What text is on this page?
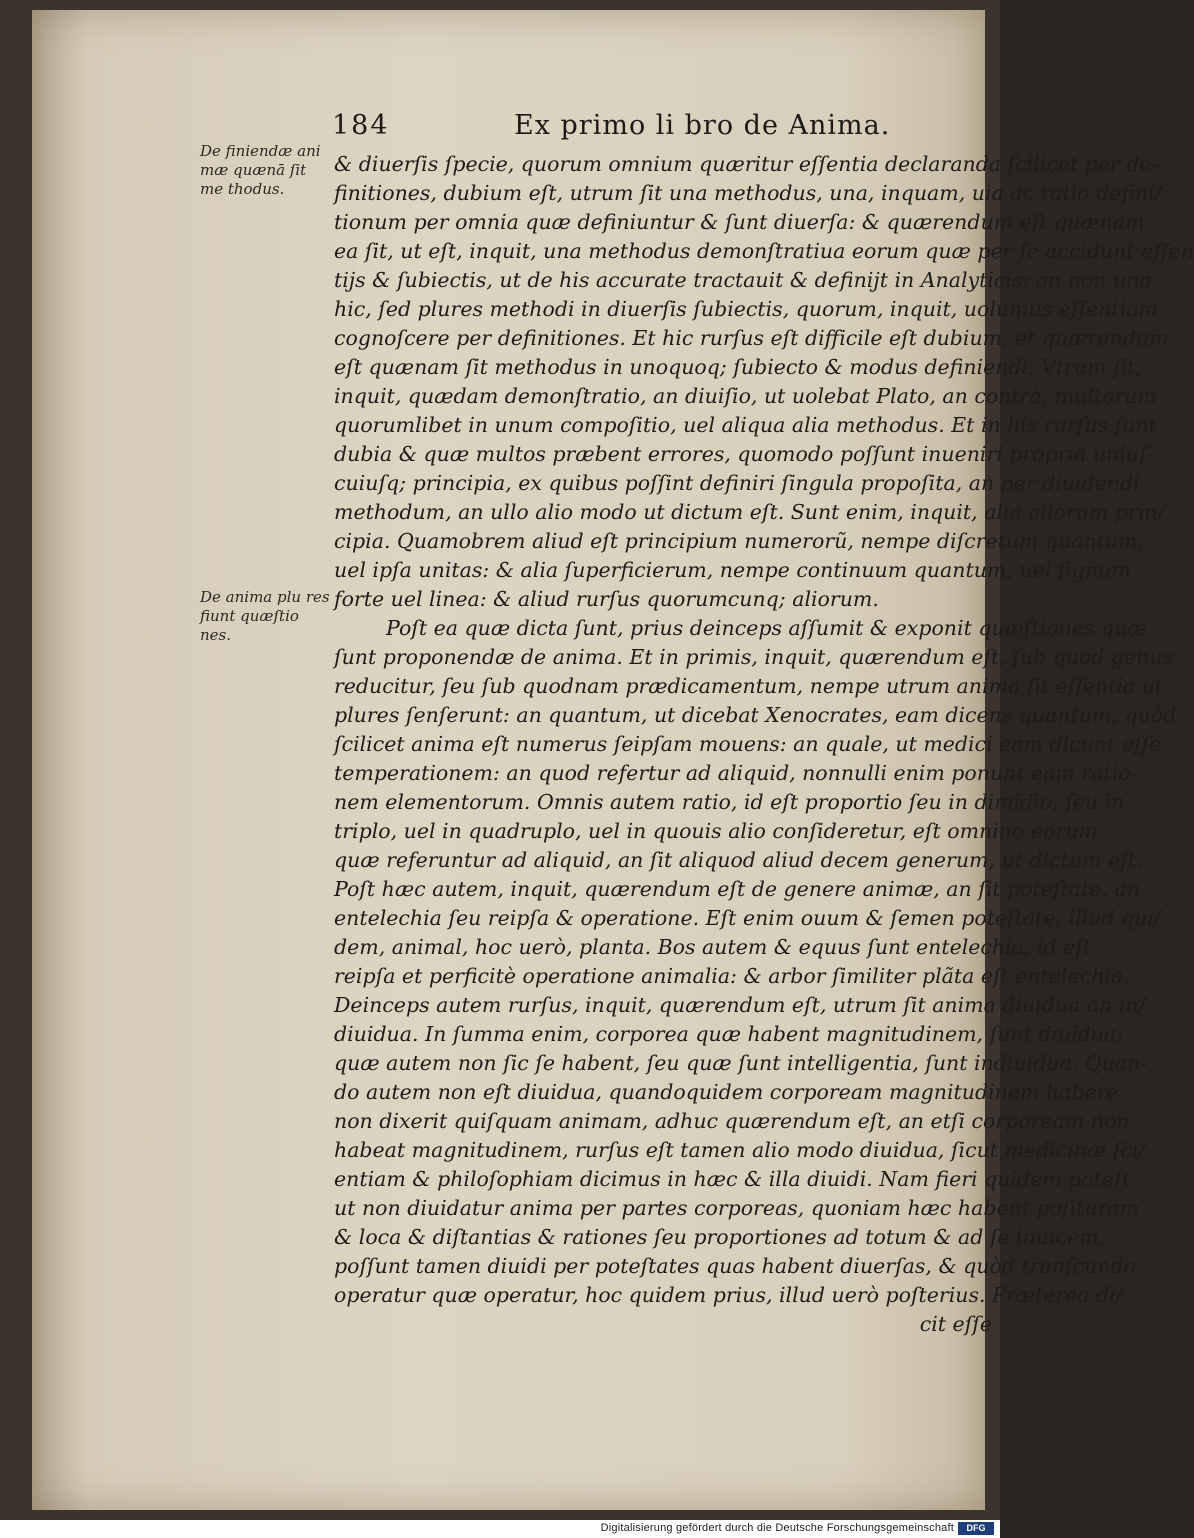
184	Ex primo li bro de Anima.
De finiendæ ani mæ quænā ſit me thodus.
De anima plu res fiunt quæſtio nes.
& diuerſis ſpecie, quorum omnium quæritur eſſentia declaranda ſcilicet per de-
finitiones, dubium eſt, utrum ſit una methodus, una, inquam, uia ac ratio defini/
tionum per omnia quæ definiuntur & ſunt diuerſa: & quærendum eſt quænam
ea ſit, ut eſt, inquit, una methodus demonſtratiua eorum quæ per ſe accidunt eſſen
tijs & ſubiectis, ut de his accurate tractauit & definijt in Analyticis: an non una
hic, ſed plures methodi in diuerſis ſubiectis, quorum, inquit, uolumus eſſentiam
cognoſcere per definitiones. Et hic rurſus eſt difficile eſt dubium, et quærendum
eſt quænam ſit methodus in unoquoq; ſubiecto & modus definiendi. Vtrum ſit,
inquit, quædam demonſtratio, an diuiſio, ut uolebat Plato, an contrà, multorum
quorumlibet in unum compoſitio, uel aliqua alia methodus. Et in his rurſus ſunt
dubia & quæ multos præbent errores, quomodo poſſunt inueniri propria uniuſ-
cuiuſq; principia, ex quibus poſſint definiri ſingula propoſita, an per diuidendi
methodum, an ullo alio modo ut dictum eſt. Sunt enim, inquit, alia aliorum prin/
cipia. Quamobrem aliud eſt principium numerorũ, nempe diſcretum quantum,
uel ipſa unitas: & alia ſuperficierum, nempe continuum quantum, uel ſignum
forte uel linea: & aliud rurſus quorumcunq; aliorum.
Poſt ea quæ dicta ſunt, prius deinceps aſſumit & exponit quæſtiones quæ
ſunt proponendæ de anima. Et in primis, inquit, quærendum eſt, ſub quod genus
reducitur, ſeu ſub quodnam prædicamentum, nempe utrum anima ſit eſſentia ut
plures ſenſerunt: an quantum, ut dicebat Xenocrates, eam dicens quantum, quòd
ſcilicet anima eſt numerus ſeipſam mouens: an quale, ut medici eam dicunt eſſe
temperationem: an quod refertur ad aliquid, nonnulli enim ponunt eam ratio-
nem elementorum. Omnis autem ratio, id eſt proportio ſeu in dimidio, ſeu in
triplo, uel in quadruplo, uel in quouis alio conſideretur, eſt omnino eorum
quæ referuntur ad aliquid, an ſit aliquod aliud decem generum, ut dictum eſt.
Poſt hæc autem, inquit, quærendum eſt de genere animæ, an ſit poteſtate, an
entelechia ſeu reipſa & operatione. Eſt enim ouum & ſemen poteſtate, illud qui/
dem, animal, hoc uerò, planta. Bos autem & equus ſunt entelechia, id eſt
reipſa et perficitè operatione animalia: & arbor ſimiliter plãta eſt entelechia.
Deinceps autem rurſus, inquit, quærendum eſt, utrum ſit anima diuidua an in/
diuidua. In ſumma enim, corporea quæ habent magnitudinem, ſunt diuidua:
quæ autem non ſic ſe habent, ſeu quæ ſunt intelligentia, ſunt indiuidua. Quan-
do autem non eſt diuidua, quandoquidem corpoream magnitudinem habere
non dixerit quiſquam animam, adhuc quærendum eſt, an etſi corpoream non
habeat magnitudinem, rurſus eſt tamen alio modo diuidua, ſicut medicinæ ſci/
entiam & philoſophiam dicimus in hæc & illa diuidi. Nam fieri quidem poteſt
ut non diuidatur anima per partes corporeas, quoniam hæc habent poſituram
& loca & diſtantias & rationes ſeu proportiones ad totum & ad ſe inuicem,
poſſunt tamen diuidi per poteſtates quas habent diuerſas, & quòd tranſcundo
operatur quæ operatur, hoc quidem prius, illud uerò poſterius. Præterea di/
cit eſſe
Digitalisierung gefördert durch die Deutsche Forschungsgemeinschaft	DFG
